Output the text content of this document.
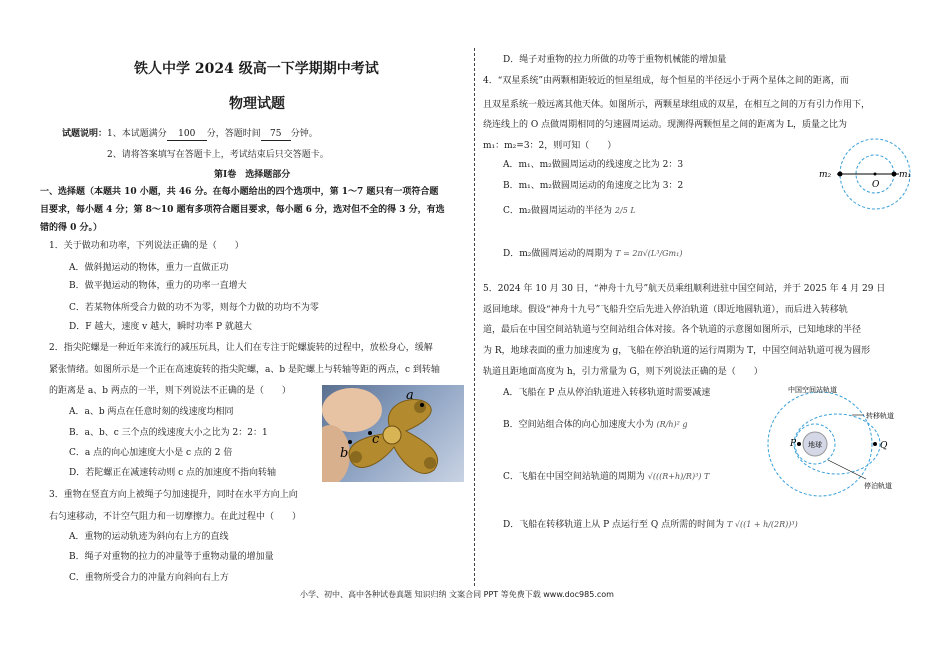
铁人中学 2024 级高一下学期期中考试
物理试题
试题说明：1、本试题满分 100 分，答题时间 75 分钟。
2、请将答案填写在答题卡上，考试结束后只交答题卡。
第Ⅰ卷　选择题部分
一、选择题（本题共 10 小题，共 46 分。在每小题给出的四个选项中，第 1～7 题只有一项符合题
目要求，每小题 4 分；第 8～10 题有多项符合题目要求，每小题 6 分，选对但不全的得 3 分，有选
错的得 0 分。）
1．关于做功和功率，下列说法正确的是（　　）
A．做斜抛运动的物体，重力一直做正功
B．做平抛运动的物体，重力的功率一直增大
C．若某物体所受合力做的功不为零，则每个力做的功均不为零
D．F 越大，速度 v 越大，瞬时功率 P 就越大
2．指尖陀螺是一种近年来流行的减压玩具，让人们在专注于陀螺旋转的过程中，放松身心，缓解
紧张情绪。如图所示是一个正在高速旋转的指尖陀螺，a、b 是陀螺上与转轴等距的两点，c 到转轴
的距离是 a、b 两点的一半，则下列说法不正确的是（　　）
A．a、b 两点在任意时刻的线速度均相同
B．a、b、c 三个点的线速度大小之比为 2：2：1
C．a 点的向心加速度大小是 c 点的 2 倍
D．若陀螺正在减速转动则 c 点的加速度不指向转轴
a
b
c
3．重物在竖直方向上被绳子匀加速提升，同时在水平方向上向
右匀速移动，不计空气阻力和一切摩擦力。在此过程中（　　）
A．重物的运动轨迹为斜向右上方的直线
B．绳子对重物的拉力的冲量等于重物动量的增加量
C．重物所受合力的冲量方向斜向右上方
D．绳子对重物的拉力所做的功等于重物机械能的增加量
4．“双星系统”由两颗相距较近的恒星组成，每个恒星的半径远小于两个星体之间的距离，而
且双星系统一般远离其他天体。如图所示，两颗星球组成的双星，在相互之间的万有引力作用下，
绕连线上的 O 点做周期相同的匀速圆周运动。现测得两颗恒星之间的距离为 L，质量之比为
m₁：m₂=3：2，则可知（　　）
A．m₁、m₂做圆周运动的线速度之比为 2：3
B．m₁、m₂做圆周运动的角速度之比为 3：2
C．m₂做圆周运动的半径为 2/5 L
D．m₂做圆周运动的周期为 T = 2π√(L³/Gm₁)
m₂
O
m₁
5．2024 年 10 月 30 日，“神舟十九号”航天员乘组顺利进驻中国空间站，并于 2025 年 4 月 29 日
返回地球。假设“神舟十九号”飞船升空后先进入停泊轨道（即近地圆轨道），而后进入转移轨
道，最后在中国空间站轨道与空间站组合体对接。各个轨道的示意图如图所示，已知地球的半径
为 R，地球表面的重力加速度为 g，飞船在停泊轨道的运行周期为 T，中国空间站轨道可视为圆形
轨道且距地面高度为 h，引力常量为 G，则下列说法正确的是（　　）
A．飞船在 P 点从停泊轨道进入转移轨道时需要减速
B．空间站组合体的向心加速度大小为 (R/h)² g
C．飞船在中国空间站轨道的周期为 √(((R+h)/R)³) T
D．飞船在转移轨道上从 P 点运行至 Q 点所需的时间为 T √((1 + h/(2R))³)
地球
P	Q
中国空间站轨道
转移轨道
停泊轨道
小学、初中、高中各种试卷真题 知识归纳 文案合同 PPT 等免费下载 www.doc985.com
